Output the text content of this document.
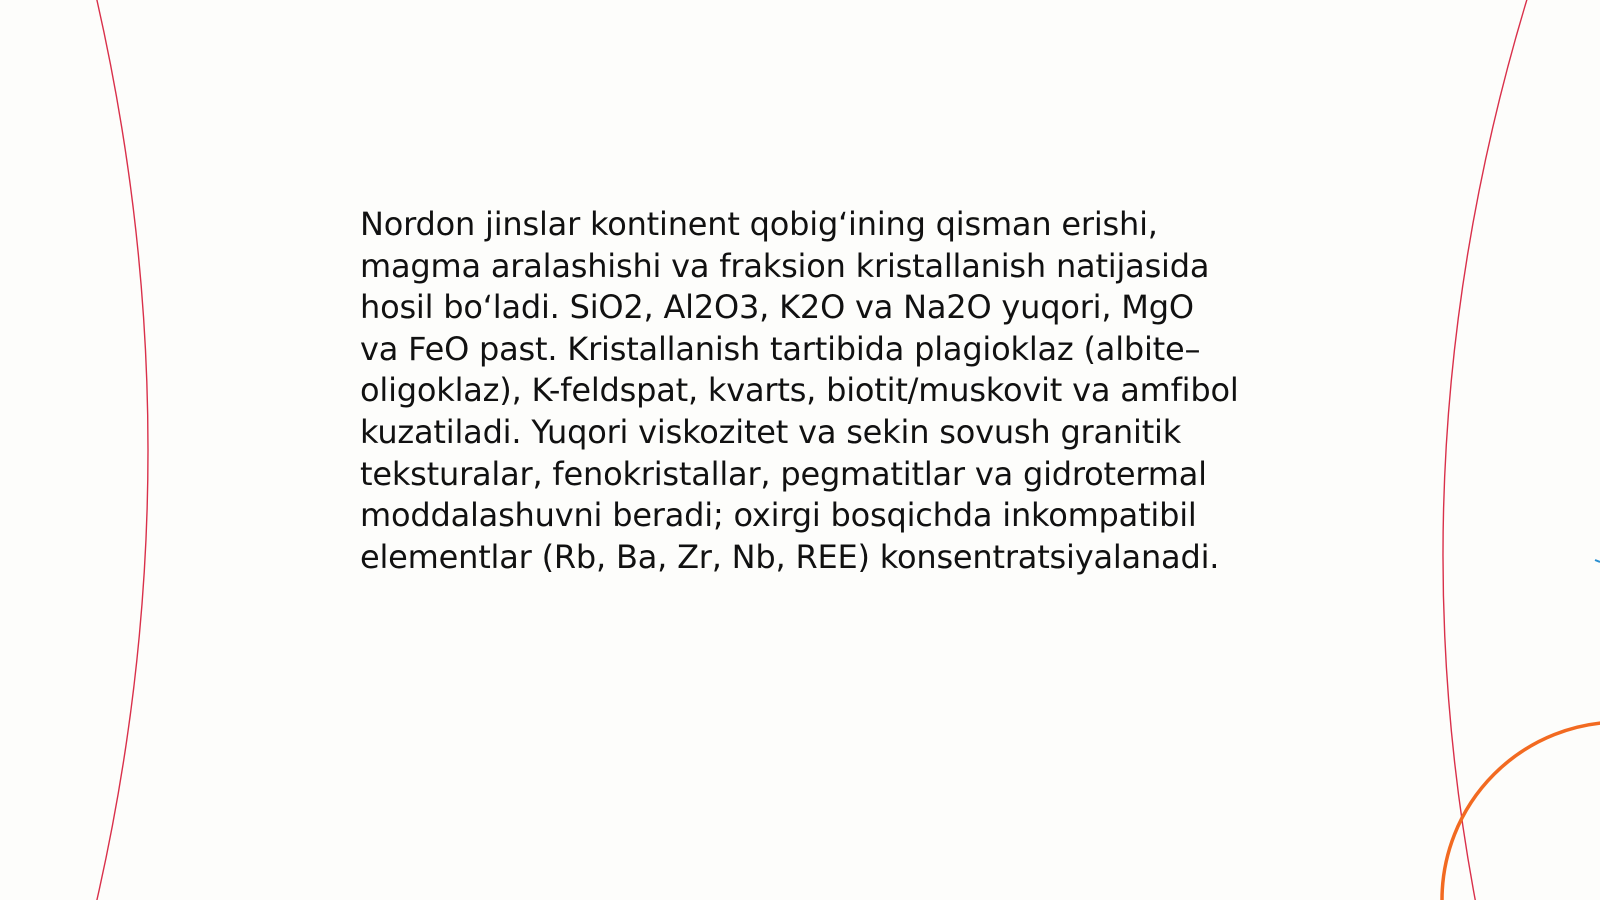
Nordon jinslar kontinent qobig‘ining qisman erishi, magma aralashishi va fraksion kristallanish natijasida hosil bo‘ladi. SiO2, Al2O3, K2O va Na2O yuqori, MgO va FeO past. Kristallanish tartibida plagioklaz (albite–oligoklaz), K-feldspat, kvarts, biotit/muskovit va amfibol kuzatiladi. Yuqori viskozitet va sekin sovush granitik teksturalar, fenokristallar, pegmatitlar va gidrotermal moddalashuvni beradi; oxirgi bosqichda inkompatibil elementlar (Rb, Ba, Zr, Nb, REE) konsentratsiyalanadi.
